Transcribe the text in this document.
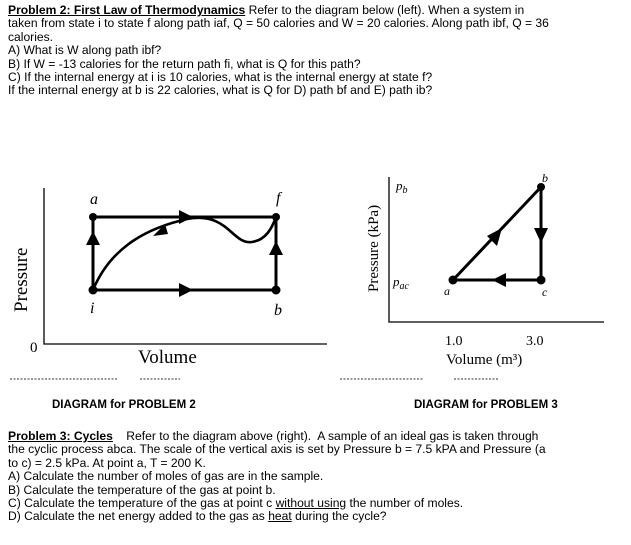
Problem 2: First Law of Thermodynamics Refer to the diagram below (left). When a system in
taken from state i to state f along path iaf, Q = 50 calories and W = 20 calories. Along path ibf, Q = 36
calories.
A) What is W along path ibf?
B) If W = -13 calories for the return path fi, what is Q for this path?
C) If the internal energy at i is 10 calories, what is the internal energy at state f?
If the internal energy at b is 22 calories, what is Q for D) path bf and E) path ib?
a	f
i	b
0
Pressure
Volume
a
b
c
$p_b$
$p_{ac}$
Pressure (kPa)
1.0	3.0
Volume (m³)
DIAGRAM for PROBLEM 2	DIAGRAM for PROBLEM 3
Problem 3: Cycles    Refer to the diagram above (right).  A sample of an ideal gas is taken through
the cyclic process abca. The scale of the vertical axis is set by Pressure b = 7.5 kPA and Pressure (a
to c) = 2.5 kPa. At point a, T = 200 K.
A) Calculate the number of moles of gas are in the sample.
B) Calculate the temperature of the gas at point b.
C) Calculate the temperature of the gas at point c without using the number of moles.
D) Calculate the net energy added to the gas as heat during the cycle?
